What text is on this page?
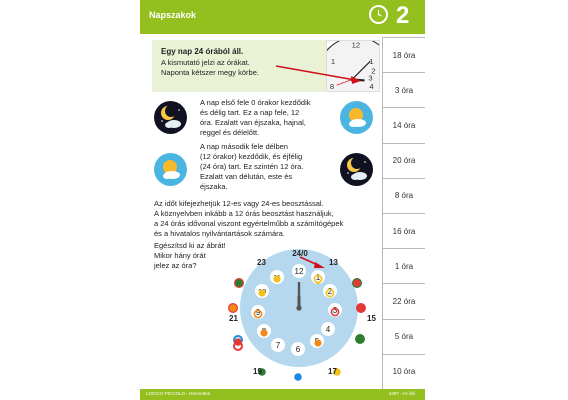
Napszakok	2
Egy nap 24 órából áll.
A kismutató jelzi az órákat.
Naponta kétszer megy körbe.
12
1	1
2
3
4
8
A nap első fele 0 órakor kezdődik
és délig tart. Ez a nap fele, 12
óra. Ezalatt van éjszaka, hajnal,
reggel és délelőtt.
A nap második fele délben
(12 órakor) kezdődik, és éjfélig
(24 óra) tart. Ez szintén 12 óra.
Ezalatt van délután, este és
éjszaka.
Az időt kifejezhetjük 12-es vagy 24-es beosztással.
A köznyelvben inkább a 12 órás beosztást használjuk,
a 24 órás idővonal viszont egyértelműbb a számítógépek
és a hivatalos nyilvántartások számára.
Egészítsd ki az ábrát!
Mikor hány órát
jelez az óra?
12
1
2
3
4
6
7
9
24/0
13
15
17
19
21
23
18 óra
3 óra
14 óra
20 óra
8 óra
16 óra
1 óra
22 óra
5 óra
10 óra
LOGICO PICCOLO - Ismerettek	3387 - Az idő
